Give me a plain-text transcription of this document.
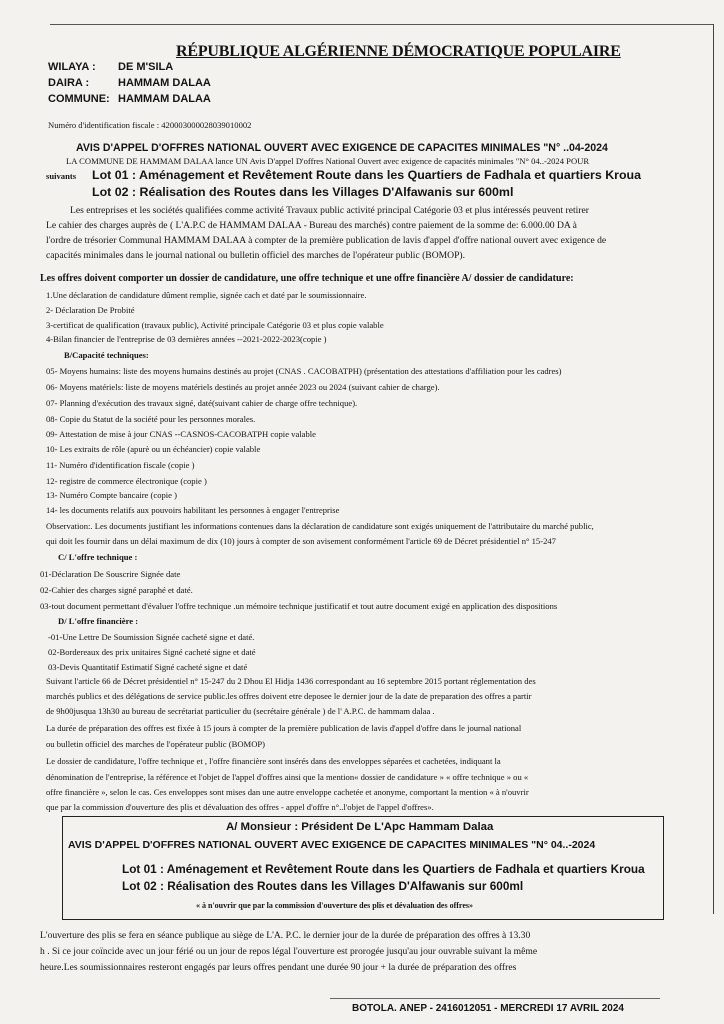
RÉPUBLIQUE ALGÉRIENNE DÉMOCRATIQUE POPULAIRE
WILAYA : DE M'SILA
DAIRA :	HAMMAM DALAA
COMMUNE: HAMMAM DALAA
Numéro d'identification fiscale : 420003000028039010002
AVIS D'APPEL D'OFFRES NATIONAL OUVERT AVEC EXIGENCE DE CAPACITES MINIMALES "N° ..04-2024
LA COMMUNE DE HAMMAM DALAA lance UN Avis D'appel D'offres National Ouvert avec exigence de capacités minimales "N° 04..-2024 POUR
suivants Lot 01 : Aménagement et Revêtement Route dans les Quartiers de Fadhala et quartiers Kroua
Lot 02 : Réalisation des Routes dans les Villages D'Alfawanis sur 600ml
Les entreprises et les sociétés qualifiées comme activité Travaux public activité principal Catégorie 03 et plus intéressés peuvent retirer
Le cahier des charges auprès de ( L'A.P.C de HAMMAM DALAA - Bureau des marchés) contre paiement de la somme de: 6.000.00 DA à
l'ordre de trésorier Communal HAMMAM DALAA à compter de la première publication de lavis d'appel d'offre national ouvert avec exigence de
capacités minimales dans le journal national ou bulletin officiel des marches de l'opérateur public (BOMOP).
Les offres doivent comporter un dossier de candidature, une offre technique et une offre financière A/ dossier de candidature:
1.Une déclaration de candidature dûment remplie, signée cach et daté par le soumissionnaire.
2- Déclaration De Probité
3-certificat de qualification (travaux public), Activité principale Catégorie 03 et plus copie valable
4-Bilan financier de l'entreprise de 03 dernières années --2021-2022-2023(copie )
B/Capacité techniques:
05- Moyens humains: liste des moyens humains destinés au projet (CNAS . CACOBATPH) (présentation des attestations d'affiliation pour les cadres)
06- Moyens matériels: liste de moyens matériels destinés au projet année 2023 ou 2024 (suivant cahier de charge).
07- Planning d'exécution des travaux signé, daté(suivant cahier de charge offre technique).
08- Copie du Statut de la société pour les personnes morales.
09- Attestation de mise à jour CNAS --CASNOS-CACOBATPH copie valable
10- Les extraits de rôle (apurè ou un échéancier) copie valable
11- Numéro d'identification fiscale (copie )
12- registre de commerce électronique (copie )
13- Numéro Compte bancaire (copie )
14- les documents relatifs aux pouvoirs habilitant les personnes à engager l'entreprise
Observation:. Les documents justifiant les informations contenues dans la déclaration de candidature sont exigés uniquement de l'attributaire du marché public,
qui doit les fournir dans un délai maximum de dix (10) jours à compter de son avisement conformément l'article 69 de Décret présidentiel n° 15-247
C/ L'offre technique :
01-Déclaration De Souscrire Signée date
02-Cahier des charges signé paraphé et daté.
03-tout document permettant d'évaluer l'offre technique .un mémoire technique justificatif et tout autre document exigé en application des dispositions
D/ L'offre financière :
-01-Une Lettre De Soumission Signée cacheté signe et daté.
02-Bordereaux des prix unitaires Signé cacheté signe et daté
03-Devis Quantitatif Estimatif Signé cacheté signe et daté
Suivant l'article 66 de Décret présidentiel n° 15-247 du 2 Dhou El Hidja 1436 correspondant au 16 septembre 2015 portant réglementation des
marchés publics et des délégations de service public.les offres doivent etre deposee le dernier jour de la date de preparation des offres a partir
de 9h00jusqua 13h30 au bureau de secrétariat particulier du (secrétaire générale ) de l' A.P.C. de hammam dalaa .
La durée de préparation des offres est fixée à 15 jours à compter de la première publication de lavis d'appel d'offre dans le journal national
ou bulletin officiel des marches de l'opérateur public (BOMOP)
Le dossier de candidature, l'offre technique et , l'offre financière sont insérés dans des enveloppes séparées et cachetées, indiquant la
dénomination de l'entreprise, la référence et l'objet de l'appel d'offres ainsi que la mention« dossier de candidature » « offre technique » ou «
offre financière », selon le cas. Ces enveloppes sont mises dan une autre enveloppe cachetée et anonyme, comportant la mention « à n'ouvrir
que par la commission d'ouverture des plis et dévaluation des offres - appel d'offre n°..l'objet de l'appel d'offres».
A/ Monsieur : Président De L'Apc Hammam Dalaa
AVIS D'APPEL D'OFFRES NATIONAL OUVERT AVEC EXIGENCE DE CAPACITES MINIMALES "N° 04..-2024
Lot 01 : Aménagement et Revêtement Route dans les Quartiers de Fadhala et quartiers Kroua
Lot 02 : Réalisation des Routes dans les Villages D'Alfawanis sur 600ml
« à n'ouvrir que par la commission d'ouverture des plis et dévaluation des offres»
L'ouverture des plis se fera en séance publique au siège de L'A. P.C. le dernier jour de la durée de préparation des offres à 13.30
h . Si ce jour coïncide avec un jour férié ou un jour de repos légal l'ouverture est prorogée jusqu'au jour ouvrable suivant la même
heure.Les soumissionnaires resteront engagés par leurs offres pendant une durée 90 jour + la durée de préparation des offres
BOTOLA. ANEP - 2416012051 - MERCREDI 17 AVRIL 2024
